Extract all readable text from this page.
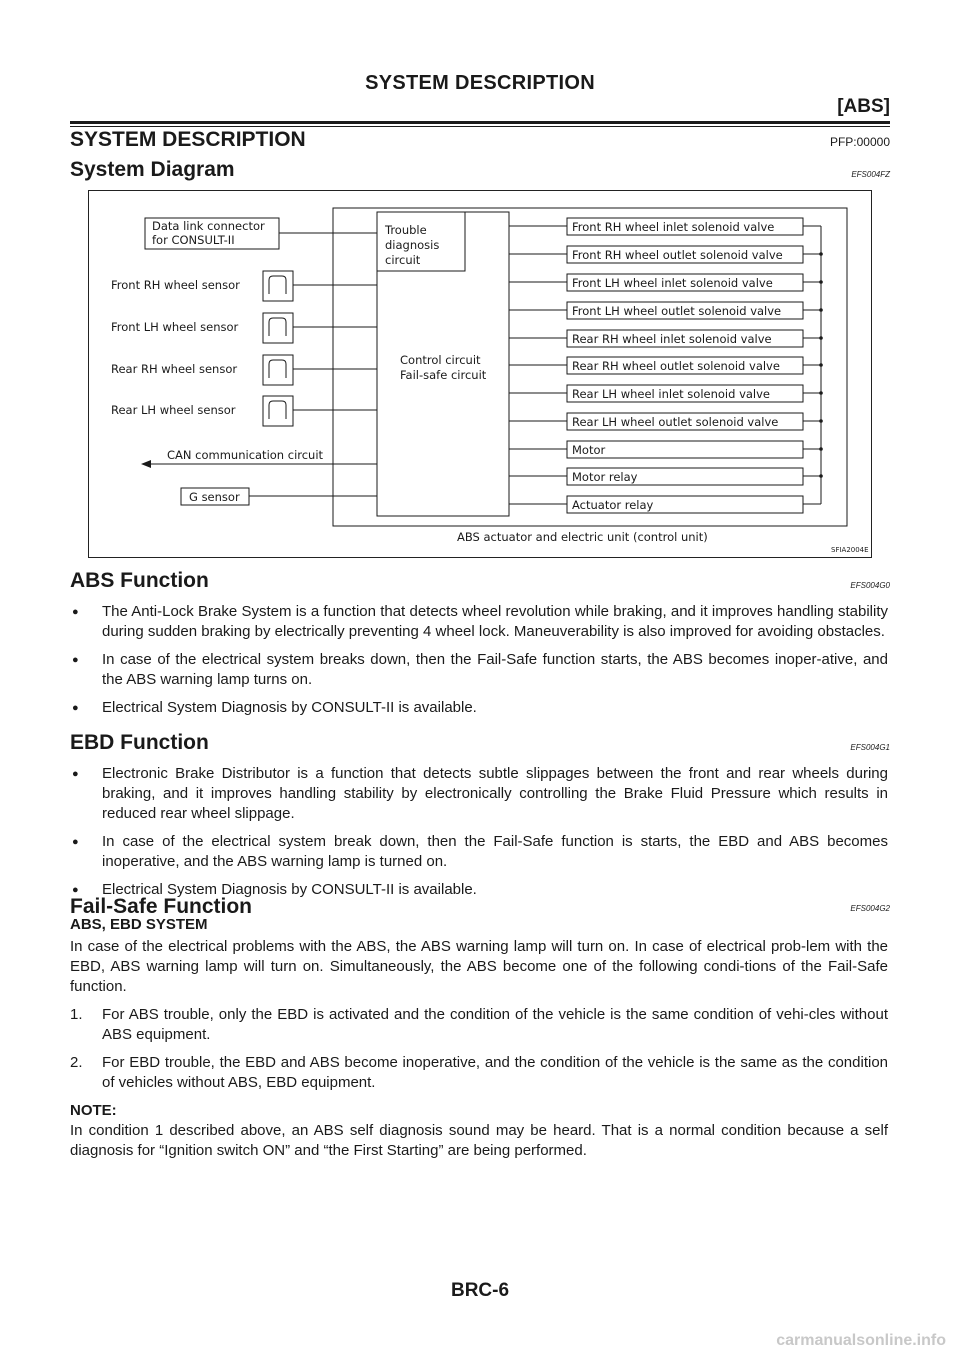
SYSTEM DESCRIPTION
[ABS]
SYSTEM DESCRIPTION	PFP:00000
System Diagram	EFS004FZ
Data link connector
for CONSULT-II
Front RH wheel sensor
Front LH wheel sensor
Rear RH wheel sensor
Rear LH wheel sensor
CAN communication circuit
G sensor
ABS actuator and electric unit (control unit)
Trouble
diagnosis
circuit
Control circuit
Fail-safe circuit
Front RH wheel inlet solenoid valve
Front RH wheel outlet solenoid valve
Front LH wheel inlet solenoid valve
Front LH wheel outlet solenoid valve
Rear RH wheel inlet solenoid valve
Rear RH wheel outlet solenoid valve
Rear LH wheel inlet solenoid valve
Rear LH wheel outlet solenoid valve
Motor
Motor relay
Actuator relay
SFIA2004E
ABS Function	EFS004G0
● The Anti-Lock Brake System is a function that detects wheel revolution while braking, and it improves handling stability during sudden braking by electrically preventing 4 wheel lock. Maneuverability is also improved for avoiding obstacles.
● In case of the electrical system breaks down, then the Fail-Safe function starts, the ABS becomes inoper-ative, and the ABS warning lamp turns on.
● Electrical System Diagnosis by CONSULT-II is available.
EBD Function	EFS004G1
● Electronic Brake Distributor is a function that detects subtle slippages between the front and rear wheels during braking, and it improves handling stability by electronically controlling the Brake Fluid Pressure which results in reduced rear wheel slippage.
● In case of the electrical system break down, then the Fail-Safe function is starts, the EBD and ABS becomes inoperative, and the ABS warning lamp is turned on.
● Electrical System Diagnosis by CONSULT-II is available.
Fail-Safe Function	EFS004G2
ABS, EBD SYSTEM
In case of the electrical problems with the ABS, the ABS warning lamp will turn on. In case of electrical prob-lem with the EBD, ABS warning lamp will turn on. Simultaneously, the ABS become one of the following condi-tions of the Fail-Safe function.
1. For ABS trouble, only the EBD is activated and the condition of the vehicle is the same condition of vehi-cles without ABS equipment.
2. For EBD trouble, the EBD and ABS become inoperative, and the condition of the vehicle is the same as the condition of vehicles without ABS, EBD equipment.
NOTE:
In condition 1 described above, an ABS self diagnosis sound may be heard. That is a normal condition because a self diagnosis for “Ignition switch ON” and “the First Starting” are being performed.
BRC-6
carmanualsonline.info
